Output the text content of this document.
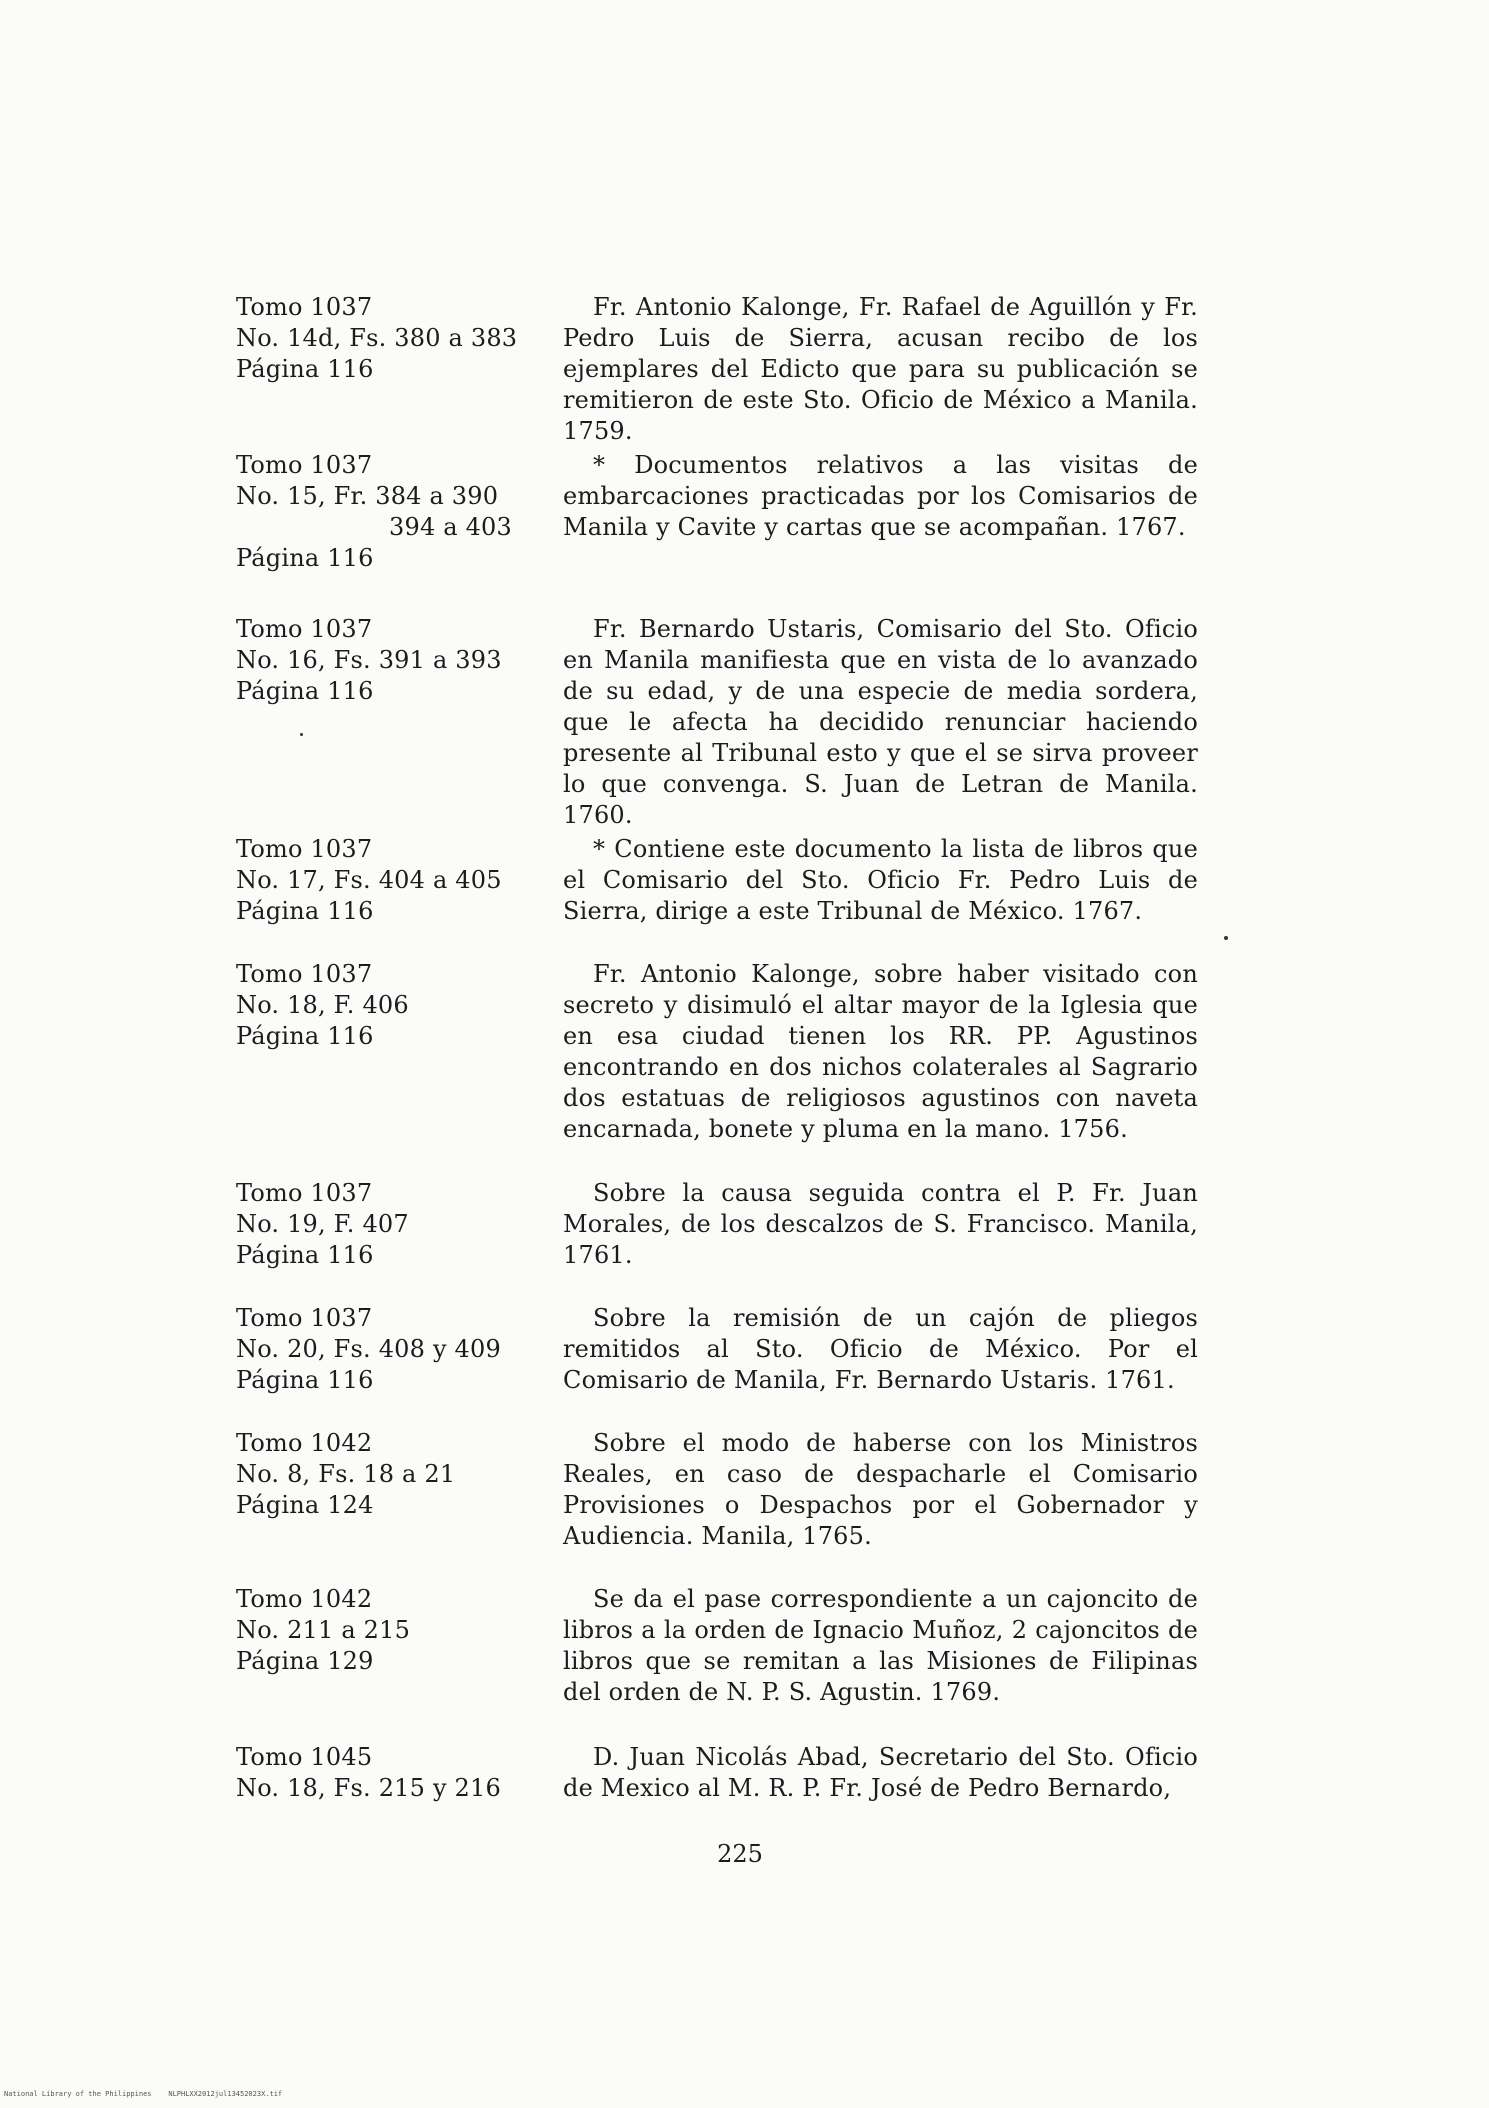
Tomo 1037
No. 14d, Fs. 380 a 383
Página 116
Fr. Antonio Kalonge, Fr. Rafael de Aguillón y Fr. Pedro Luis de Sierra, acusan recibo de los ejemplares del Edicto que para su publicación se remitieron de este Sto. Oficio de México a Manila. 1759.
Tomo 1037
No. 15, Fr. 384 a 390
394 a 403
Página 116
* Documentos relativos a las visitas de embarcaciones practicadas por los Comisarios de Manila y Cavite y cartas que se acompañan. 1767.
Tomo 1037
No. 16, Fs. 391 a 393
Página 116
Fr. Bernardo Ustaris, Comisario del Sto. Oficio en Manila manifiesta que en vista de lo avanzado de su edad, y de una especie de media sordera, que le afecta ha decidido renunciar haciendo presente al Tribunal esto y que el se sirva proveer lo que convenga. S. Juan de Letran de Manila. 1760.
Tomo 1037
No. 17, Fs. 404 a 405
Página 116
* Contiene este documento la lista de libros que el Comisario del Sto. Oficio Fr. Pedro Luis de Sierra, dirige a este Tribunal de México. 1767.
Tomo 1037
No. 18, F. 406
Página 116
Fr. Antonio Kalonge, sobre haber visitado con secreto y disimuló el altar mayor de la Iglesia que en esa ciudad tienen los RR. PP. Agustinos encontrando en dos nichos colaterales al Sagrario dos estatuas de religiosos agustinos con naveta encarnada, bonete y pluma en la mano. 1756.
Tomo 1037
No. 19, F. 407
Página 116
Sobre la causa seguida contra el P. Fr. Juan Morales, de los descalzos de S. Francisco. Manila, 1761.
Tomo 1037
No. 20, Fs. 408 y 409
Página 116
Sobre la remisión de un cajón de pliegos remitidos al Sto. Oficio de México. Por el Comisario de Manila, Fr. Bernardo Ustaris. 1761.
Tomo 1042
No. 8, Fs. 18 a 21
Página 124
Sobre el modo de haberse con los Ministros Reales, en caso de despacharle el Comisario Provisiones o Despachos por el Gobernador y Audiencia. Manila, 1765.
Tomo 1042
No. 211 a 215
Página 129
Se da el pase correspondiente a un cajoncito de libros a la orden de Ignacio Muñoz, 2 cajoncitos de libros que se remitan a las Misiones de Filipinas del orden de N. P. S. Agustin. 1769.
Tomo 1045
No. 18, Fs. 215 y 216
D. Juan Nicolás Abad, Secretario del Sto. Oficio de Mexico al M. R. P. Fr. José de Pedro Bernardo,
225
National Library of the Philippines    NLPHLXX2012jul13452023X.tif
